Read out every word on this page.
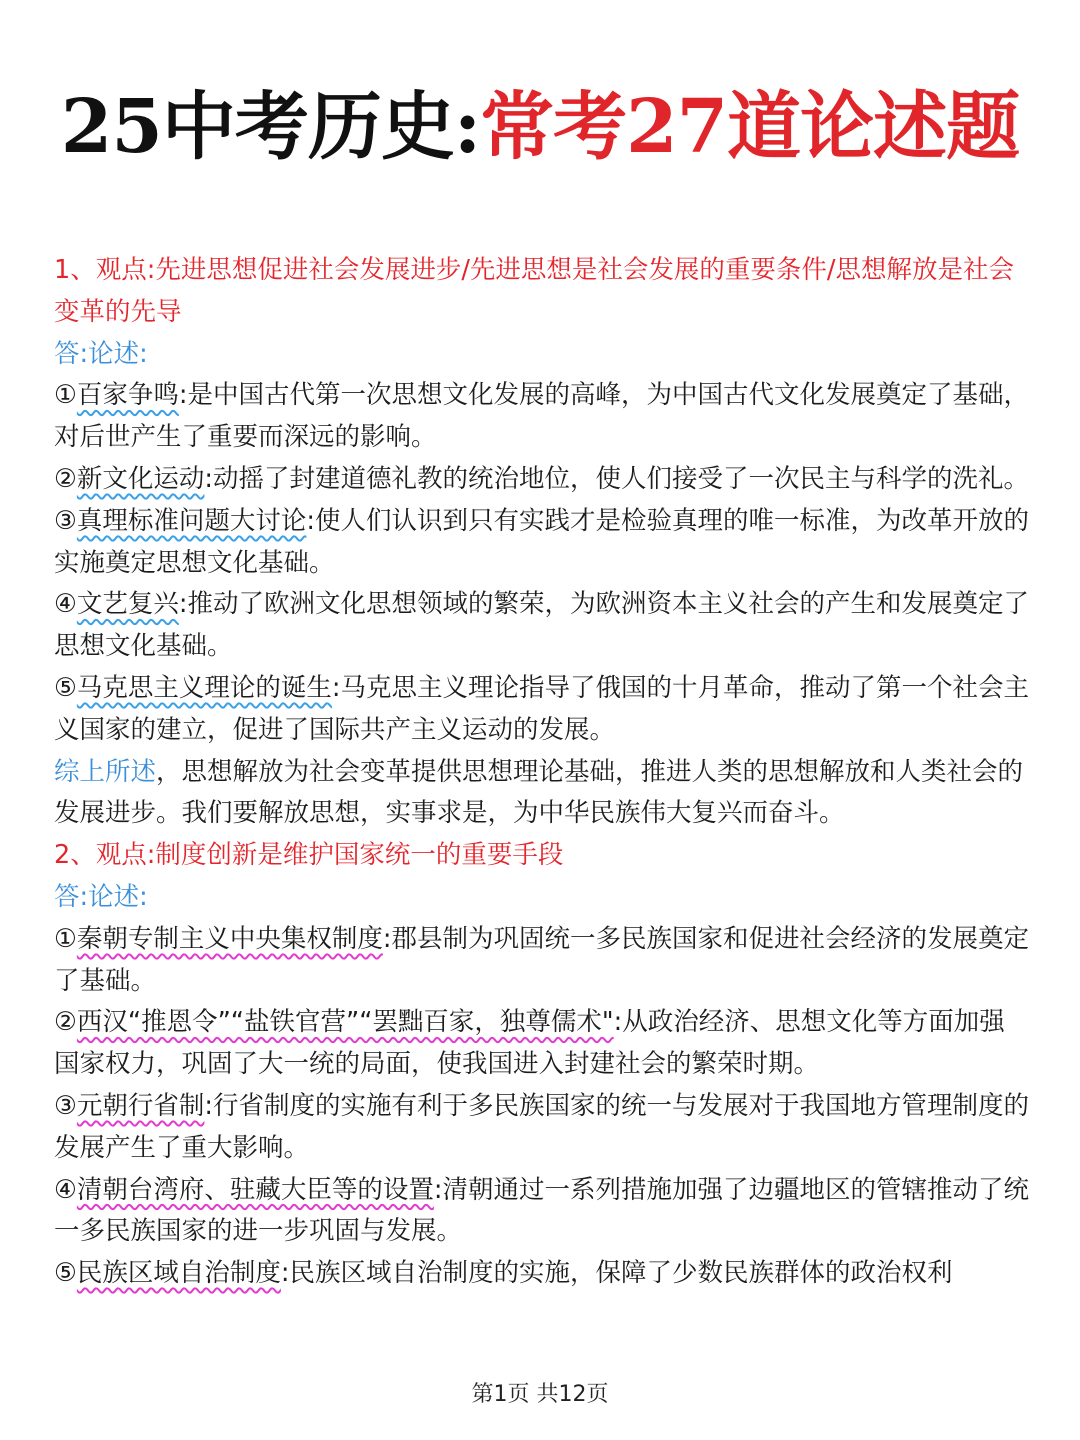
25中考历史:常考27道论述题

1、观点:先进思想促进社会发展进步/先进思想是社会发展的重要条件/思想解放是社会变革的先导

答:论述:

①百家争鸣:是中国古代第一次思想文化发展的高峰，为中国古代文化发展奠定了基础，对后世产生了重要而深远的影响。

②新文化运动:动摇了封建道德礼教的统治地位，使人们接受了一次民主与科学的洗礼。

③真理标准问题大讨论:使人们认识到只有实践才是检验真理的唯一标准，为改革开放的实施奠定思想文化基础。

④文艺复兴:推动了欧洲文化思想领域的繁荣，为欧洲资本主义社会的产生和发展奠定了思想文化基础。

⑤马克思主义理论的诞生:马克思主义理论指导了俄国的十月革命，推动了第一个社会主义国家的建立，促进了国际共产主义运动的发展。

综上所述，思想解放为社会变革提供思想理论基础，推进人类的思想解放和人类社会的发展进步。我们要解放思想，实事求是，为中华民族伟大复兴而奋斗。

2、观点:制度创新是维护国家统一的重要手段

答:论述:

①秦朝专制主义中央集权制度:郡县制为巩固统一多民族国家和促进社会经济的发展奠定了基础。

②西汉“推恩令”“盐铁官营”“罢黜百家，独尊儒术":从政治经济、思想文化等方面加强国家权力，巩固了大一统的局面，使我国进入封建社会的繁荣时期。

③元朝行省制:行省制度的实施有利于多民族国家的统一与发展对于我国地方管理制度的发展产生了重大影响。

④清朝台湾府、驻藏大臣等的设置:清朝通过一系列措施加强了边疆地区的管辖推动了统一多民族国家的进一步巩固与发展。

⑤民族区域自治制度:民族区域自治制度的实施，保障了少数民族群体的政治权利

第1页 共12页
